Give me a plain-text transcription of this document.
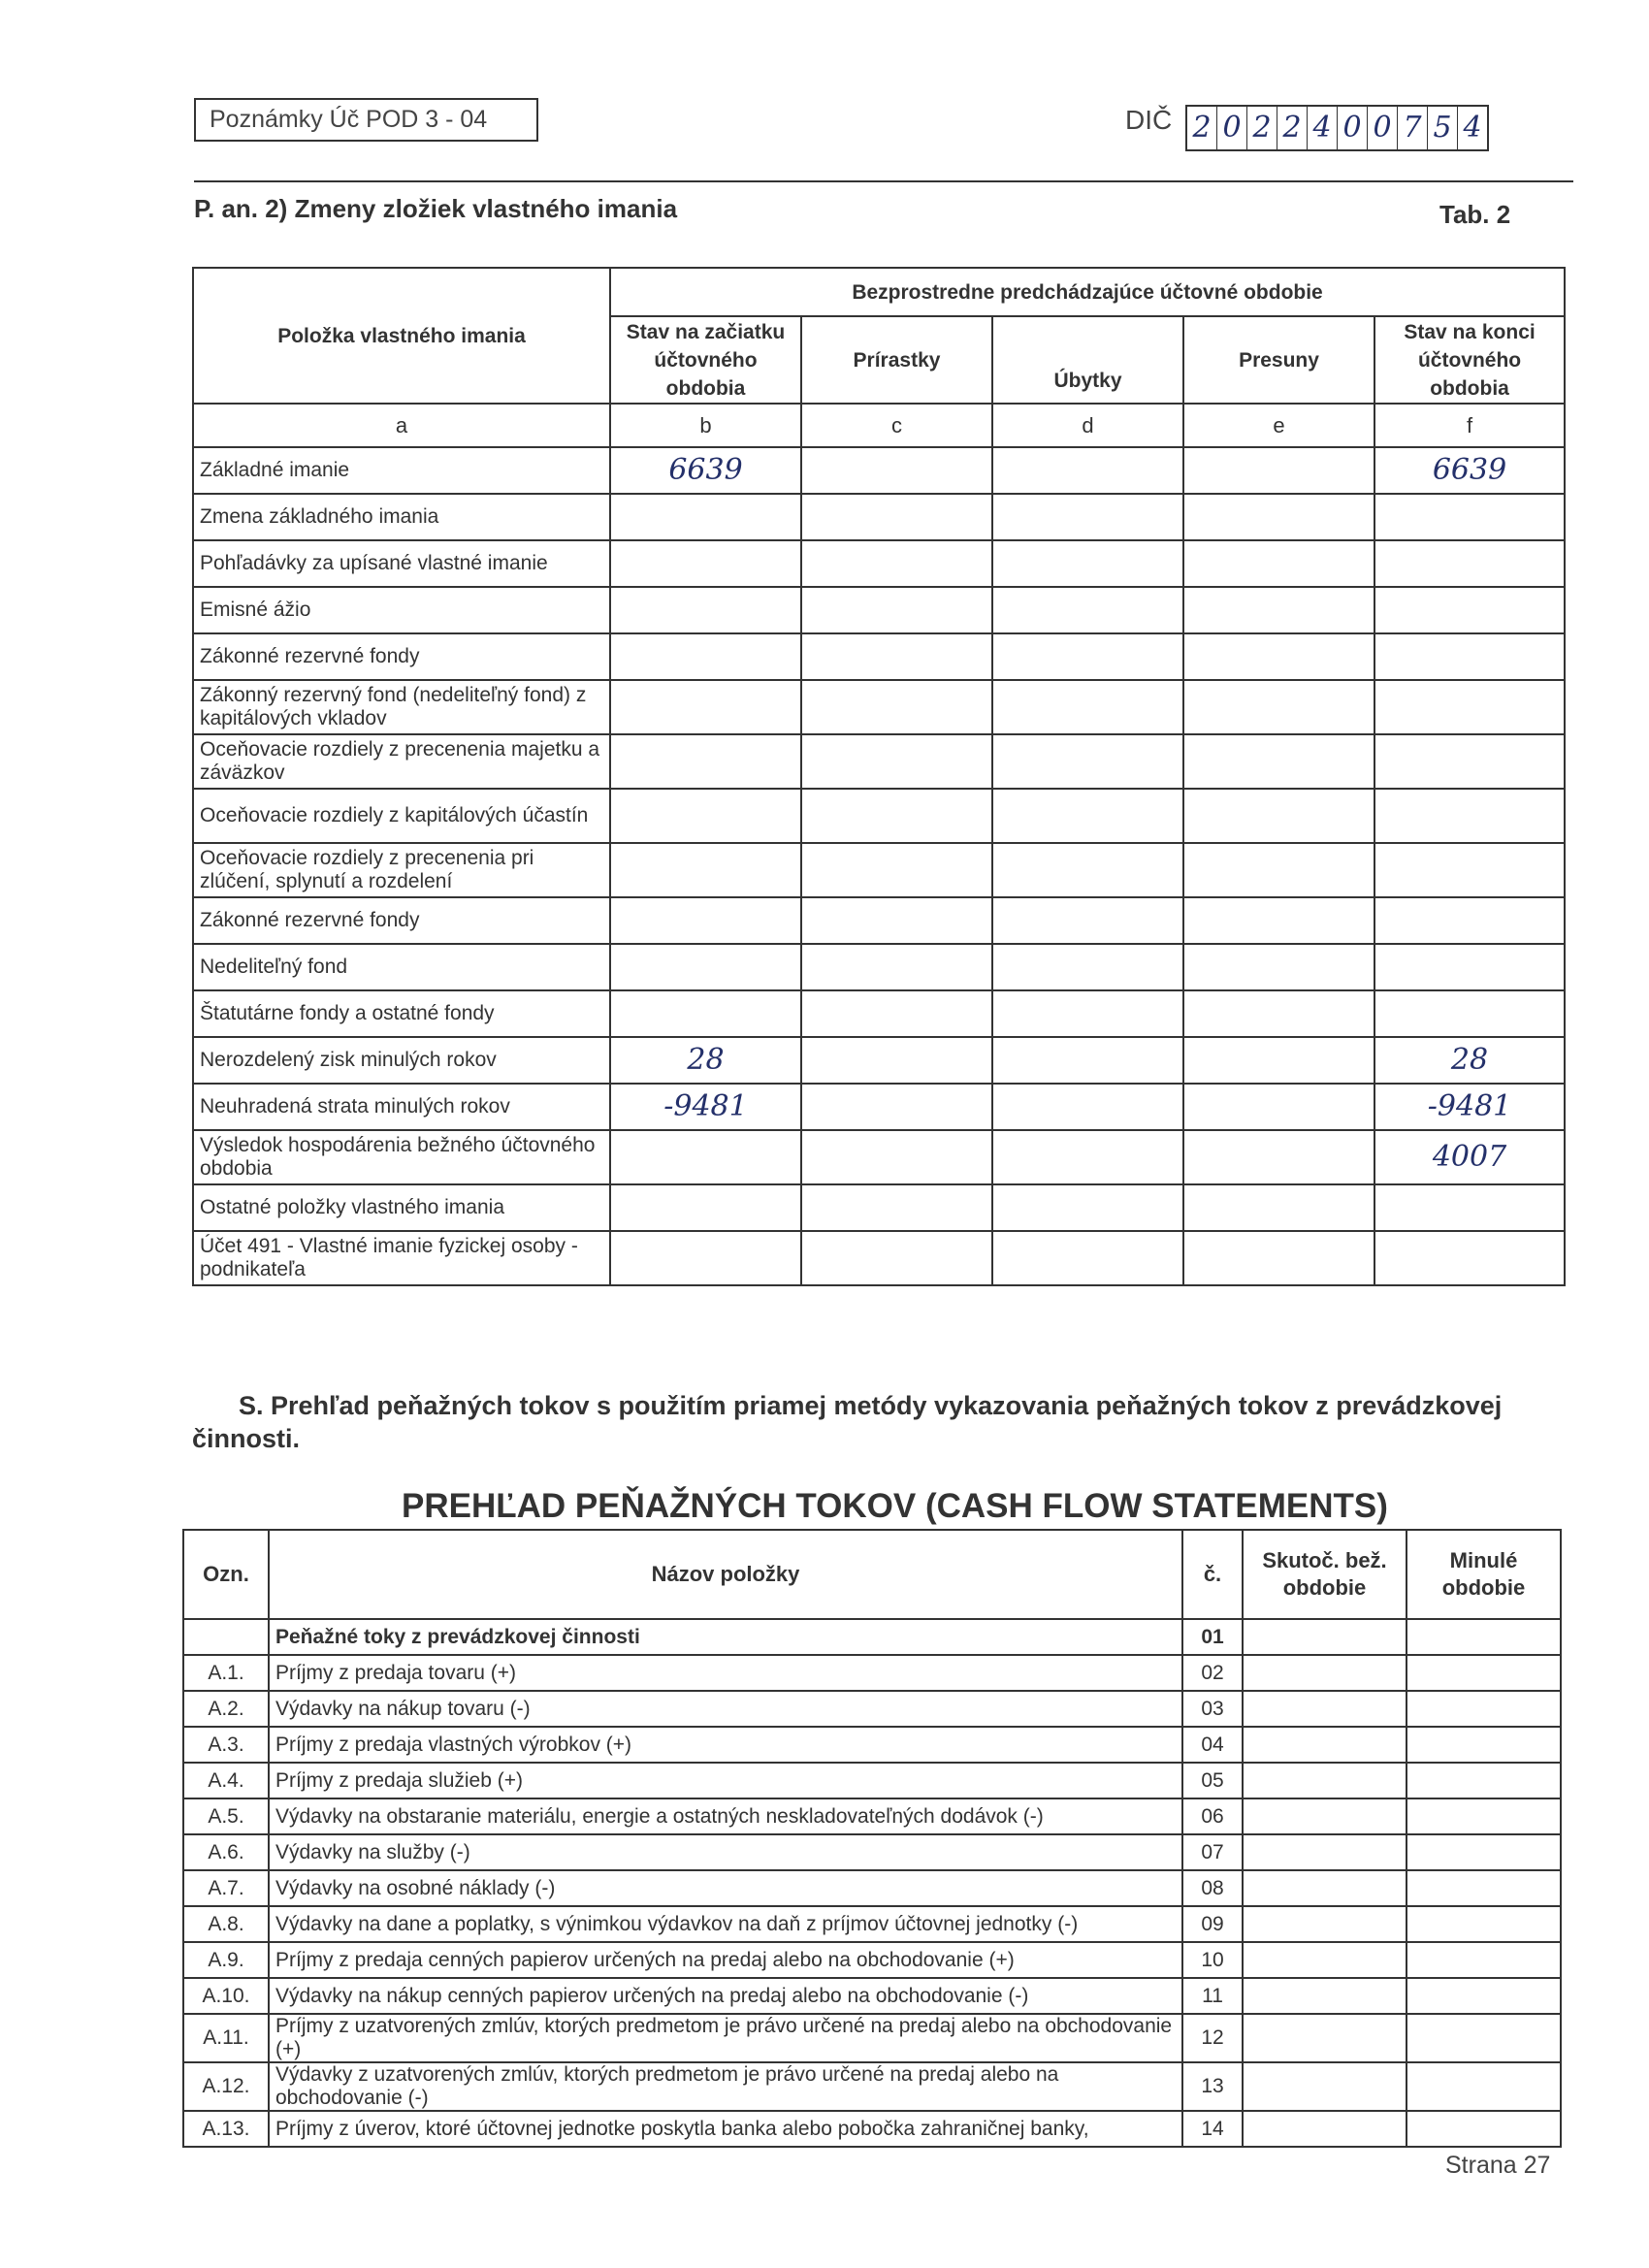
Poznámky Úč POD 3 - 04	DIČ 2 0 2 2 4 0 0 7 5 4
P. an. 2) Zmeny zložiek vlastného imania	Tab. 2
Položka vlastného imania	Bezprostredne predchádzajúce účtovné obdobie				
	Stav na začiatku účtovného obdobia	Prírastky	Úbytky	Presuny	Stav na konci účtovného obdobia
a	b	c	d	e	f
Základné imanie	6639				6639
Zmena základného imania					
Pohľadávky za upísané vlastné imanie					
Emisné ážio					
Zákonné rezervné fondy					
Zákonný rezervný fond (nedeliteľný fond) z kapitálových vkladov					
Oceňovacie rozdiely z precenenia majetku a záväzkov					
Oceňovacie rozdiely z kapitálových účastín					
Oceňovacie rozdiely z precenenia pri zlúčení, splynutí a rozdelení					
Zákonné rezervné fondy					
Nedeliteľný fond					
Štatutárne fondy a ostatné fondy					
Nerozdelený zisk minulých rokov	28				28
Neuhradená strata minulých rokov	-9481				-9481
Výsledok hospodárenia bežného účtovného obdobia					4007
Ostatné položky vlastného imania					
Účet 491 - Vlastné imanie fyzickej osoby - podnikateľa					
S. Prehľad peňažných tokov s použitím priamej metódy vykazovania peňažných tokov z prevádzkovej činnosti.
PREHĽAD PEŇAŽNÝCH TOKOV (CASH FLOW STATEMENTS)
Ozn.	Názov položky	č.	Skutoč. bež. obdobie	Minulé obdobie
	Peňažné toky z prevádzkovej činnosti	01		
A.1.	Príjmy z predaja tovaru (+)	02		
A.2.	Výdavky na nákup tovaru (-)	03		
A.3.	Príjmy z predaja vlastných výrobkov (+)	04		
A.4.	Príjmy z predaja služieb (+)	05		
A.5.	Výdavky na obstaranie materiálu, energie a ostatných neskladovateľných dodávok (-)	06		
A.6.	Výdavky na služby (-)	07		
A.7.	Výdavky na osobné náklady (-)	08		
A.8.	Výdavky na dane a poplatky, s výnimkou výdavkov na daň z príjmov účtovnej jednotky (-)	09		
A.9.	Príjmy z predaja cenných papierov určených na predaj alebo na obchodovanie (+)	10		
A.10.	Výdavky na nákup cenných papierov určených na predaj alebo na obchodovanie (-)	11		
A.11.	Príjmy z uzatvorených zmlúv, ktorých predmetom je právo určené na predaj alebo na obchodovanie (+)	12		
A.12.	Výdavky z uzatvorených zmlúv, ktorých predmetom je právo určené na predaj alebo na obchodovanie (-)	13		
A.13.	Príjmy z úverov, ktoré účtovnej jednotke poskytla banka alebo pobočka zahraničnej banky,	14		
Strana 27
